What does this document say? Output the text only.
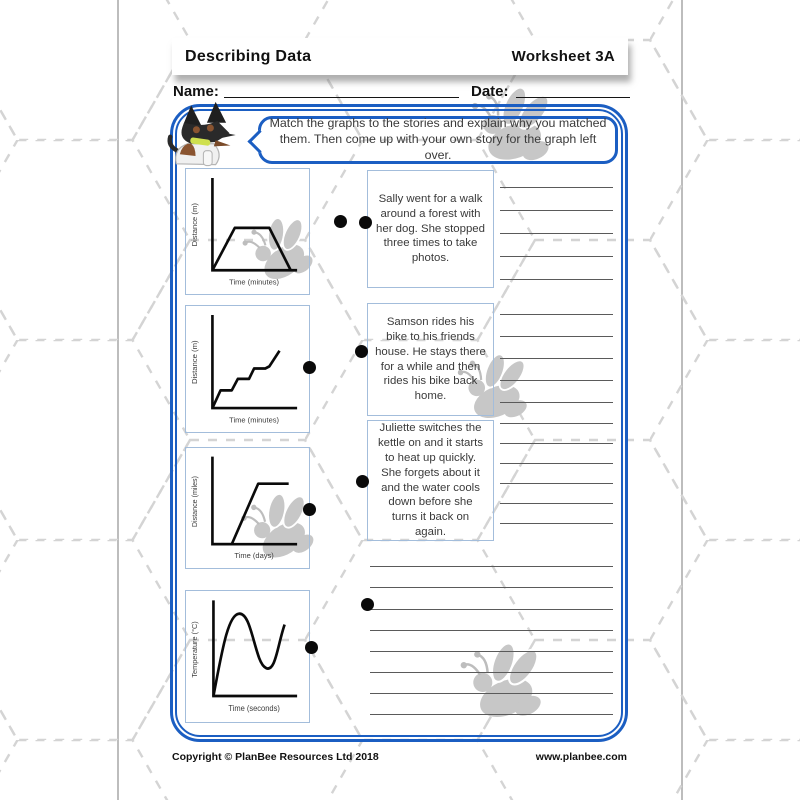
Describing Data	Worksheet 3A
Name:	Date:
Match the graphs to the stories and explain why you matched them. Then come up with your own story for the graph left over.
Distance (m)
Time (minutes)
Distance (m)
Time (minutes)
Distance (miles)
Time (days)
Temperature (°C)
Time (seconds)
Sally went for a walk around a forest with her dog. She stopped three times to take photos.
Samson rides his bike to his friends house. He stays there for a while and then rides his bike back home.
Juliette switches the kettle on and it starts to heat up quickly. She forgets about it and the water cools down before she turns it back on again.
Copyright © PlanBee Resources Ltd 2018	www.planbee.com
